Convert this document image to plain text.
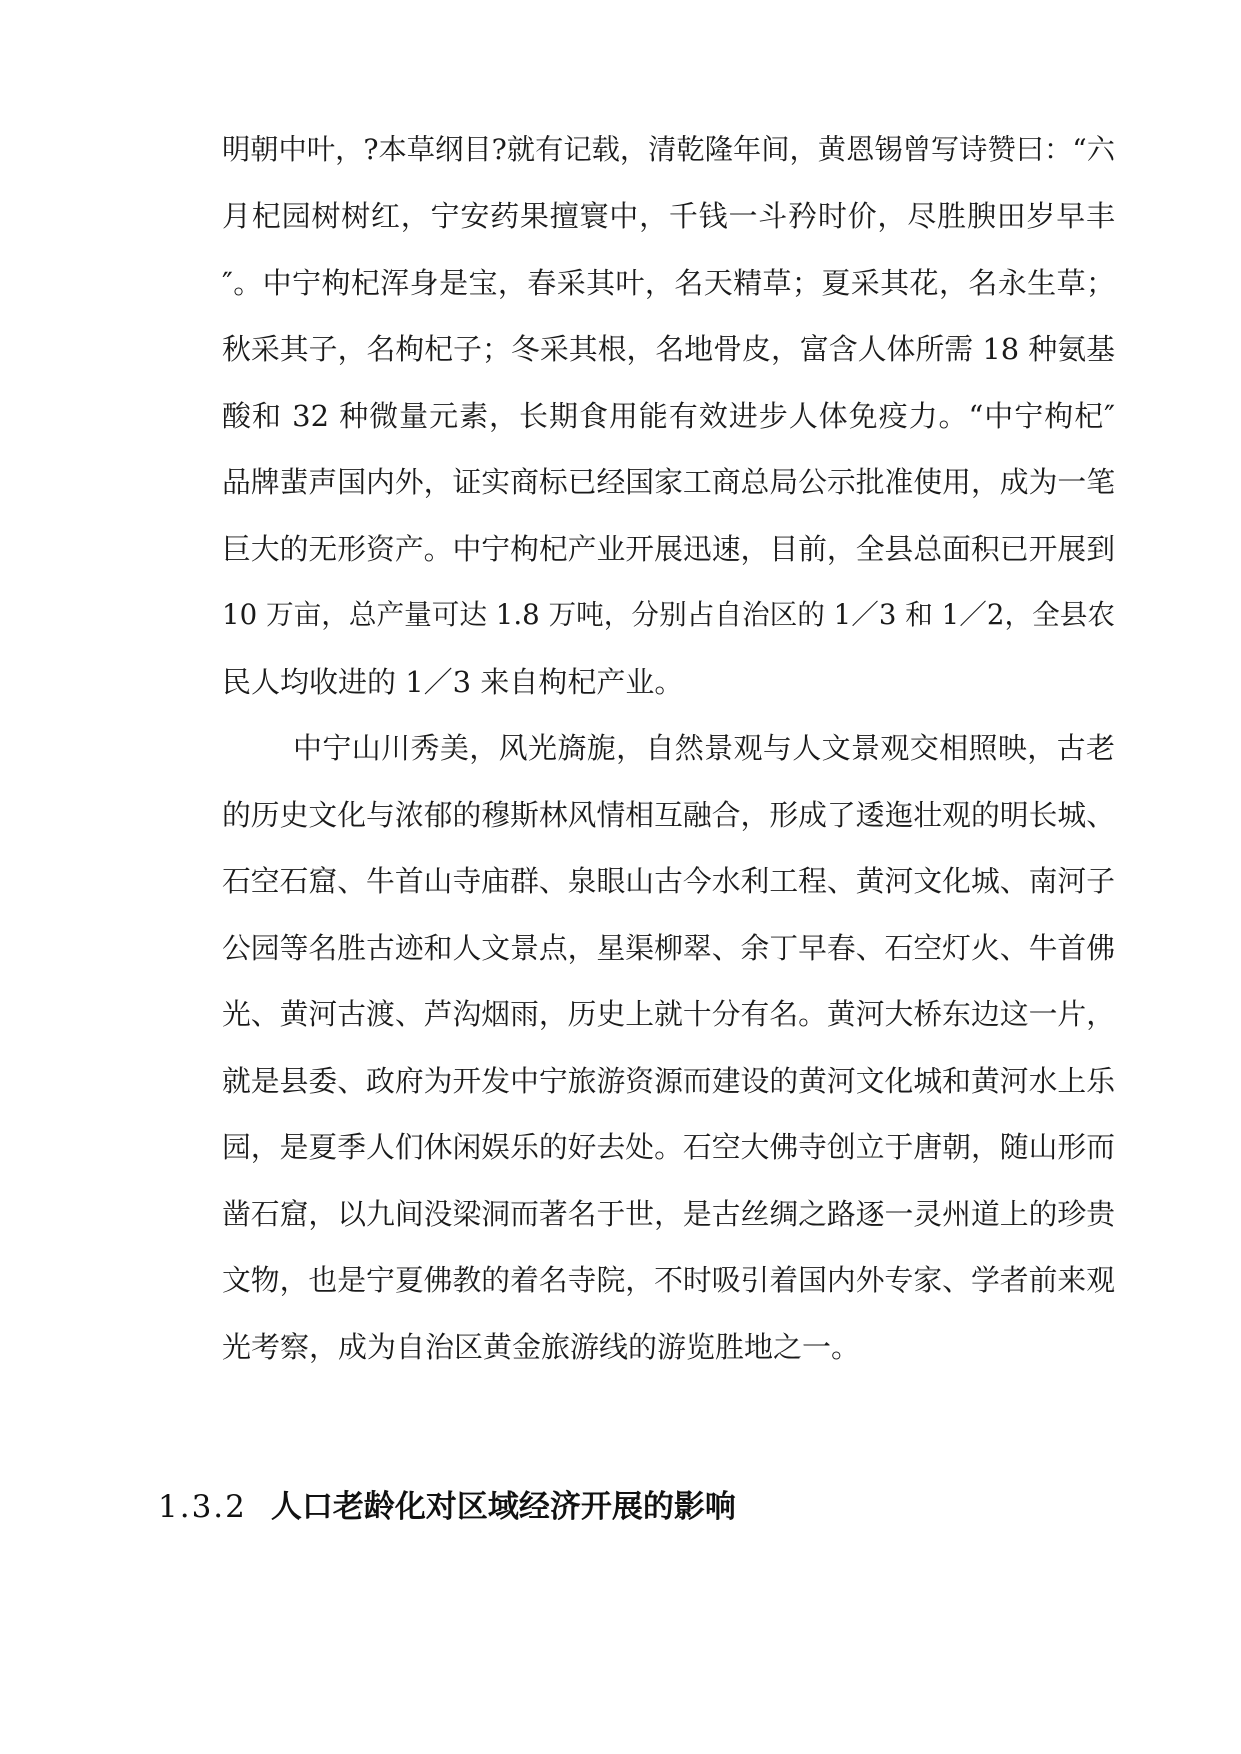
明朝中叶，?本草纲目?就有记载，清乾隆年间，黄恩锡曾写诗赞曰：“六
月杞园树树红，宁安药果擅寰中，千钱一斗矜时价，尽胜腴田岁早丰
″。中宁枸杞浑身是宝，春采其叶，名天精草；夏采其花，名永生草；
秋采其子，名枸杞子；冬采其根，名地骨皮，富含人体所需 18 种氨基
酸和 32 种微量元素，长期食用能有效进步人体免疫力。“中宁枸杞″
品牌蜚声国内外，证实商标已经国家工商总局公示批准使用，成为一笔
巨大的无形资产。中宁枸杞产业开展迅速，目前，全县总面积已开展到
10 万亩，总产量可达 1.8 万吨，分别占自治区的 1／3 和 1／2，全县农
民人均收进的 1／3 来自枸杞产业。
中宁山川秀美，风光旖旎，自然景观与人文景观交相照映，古老
的历史文化与浓郁的穆斯林风情相互融合，形成了逶迤壮观的明长城、
石空石窟、牛首山寺庙群、泉眼山古今水利工程、黄河文化城、南河子
公园等名胜古迹和人文景点，星渠柳翠、余丁早春、石空灯火、牛首佛
光、黄河古渡、芦沟烟雨，历史上就十分有名。黄河大桥东边这一片，
就是县委、政府为开发中宁旅游资源而建设的黄河文化城和黄河水上乐
园，是夏季人们休闲娱乐的好去处。石空大佛寺创立于唐朝，随山形而
凿石窟，以九间没梁洞而著名于世，是古丝绸之路逐一灵州道上的珍贵
文物，也是宁夏佛教的着名寺院，不时吸引着国内外专家、学者前来观
光考察，成为自治区黄金旅游线的游览胜地之一。
1.3.2 人口老龄化对区域经济开展的影响
